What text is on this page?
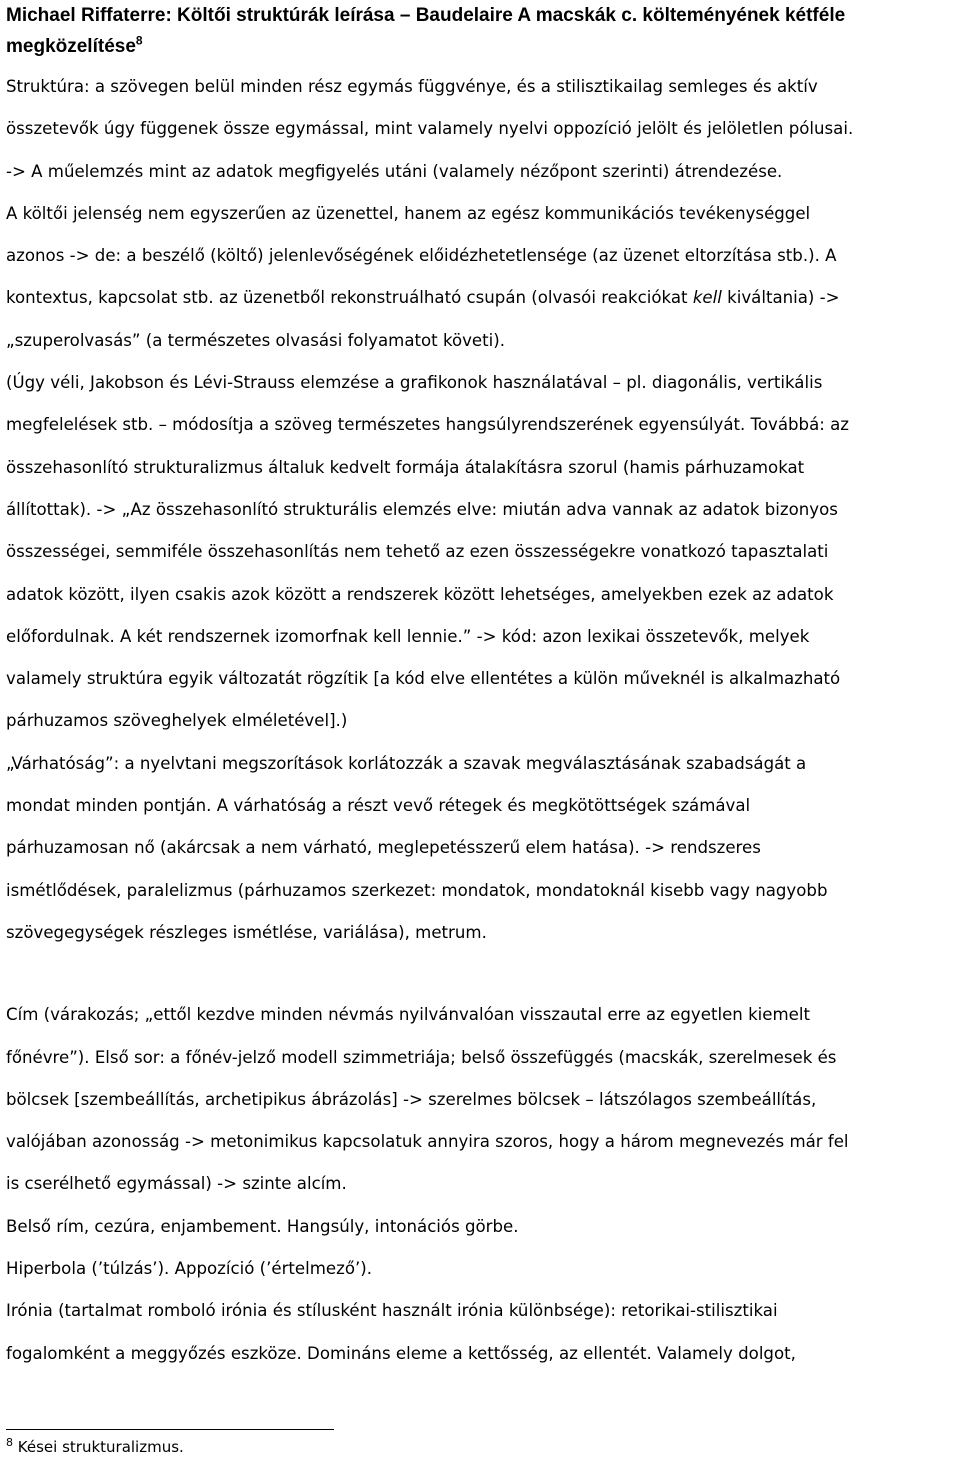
Michael Riffaterre: Költői struktúrák leírása – Baudelaire A macskák c. költeményének kétféle
megközelítése$^8$

Struktúra: a szövegen belül minden rész egymás függvénye, és a stilisztikailag semleges és aktív

összetevők úgy függenek össze egymással, mint valamely nyelvi oppozíció jelölt és jelöletlen pólusai.

-> A műelemzés mint az adatok megfigyelés utáni (valamely nézőpont szerinti) átrendezése.

A költői jelenség nem egyszerűen az üzenettel, hanem az egész kommunikációs tevékenységgel

azonos -> de: a beszélő (költő) jelenlevőségének előidézhetetlensége (az üzenet eltorzítása stb.). A

kontextus, kapcsolat stb. az üzenetből rekonstruálható csupán (olvasói reakciókat kell kiváltania) ->

„szuperolvasás” (a természetes olvasási folyamatot követi).

(Úgy véli, Jakobson és Lévi-Strauss elemzése a grafikonok használatával – pl. diagonális, vertikális

megfelelések stb. – módosítja a szöveg természetes hangsúlyrendszerének egyensúlyát. Továbbá: az

összehasonlító strukturalizmus általuk kedvelt formája átalakításra szorul (hamis párhuzamokat

állítottak). -> „Az összehasonlító strukturális elemzés elve: miután adva vannak az adatok bizonyos

összességei, semmiféle összehasonlítás nem tehető az ezen összességekre vonatkozó tapasztalati

adatok között, ilyen csakis azok között a rendszerek között lehetséges, amelyekben ezek az adatok

előfordulnak. A két rendszernek izomorfnak kell lennie.” -> kód: azon lexikai összetevők, melyek

valamely struktúra egyik változatát rögzítik [a kód elve ellentétes a külön műveknél is alkalmazható

párhuzamos szöveghelyek elméletével].)

„Várhatóság”: a nyelvtani megszorítások korlátozzák a szavak megválasztásának szabadságát a

mondat minden pontján. A várhatóság a részt vevő rétegek és megkötöttségek számával

párhuzamosan nő (akárcsak a nem várható, meglepetésszerű elem hatása). -> rendszeres

ismétlődések, paralelizmus (párhuzamos szerkezet: mondatok, mondatoknál kisebb vagy nagyobb

szövegegységek részleges ismétlése, variálása), metrum.

Cím (várakozás; „ettől kezdve minden névmás nyilvánvalóan visszautal erre az egyetlen kiemelt

főnévre”). Első sor: a főnév-jelző modell szimmetriája; belső összefüggés (macskák, szerelmesek és

bölcsek [szembeállítás, archetipikus ábrázolás] -> szerelmes bölcsek – látszólagos szembeállítás,

valójában azonosság -> metonimikus kapcsolatuk annyira szoros, hogy a három megnevezés már fel

is cserélhető egymással) -> szinte alcím.

Belső rím, cezúra, enjambement. Hangsúly, intonációs görbe.

Hiperbola (’túlzás’). Appozíció (’értelmező’).

Irónia (tartalmat romboló irónia és stílusként használt irónia különbsége): retorikai-stilisztikai

fogalomként a meggyőzés eszköze. Domináns eleme a kettősség, az ellentét. Valamely dolgot,

$^8$ Kései strukturalizmus.
